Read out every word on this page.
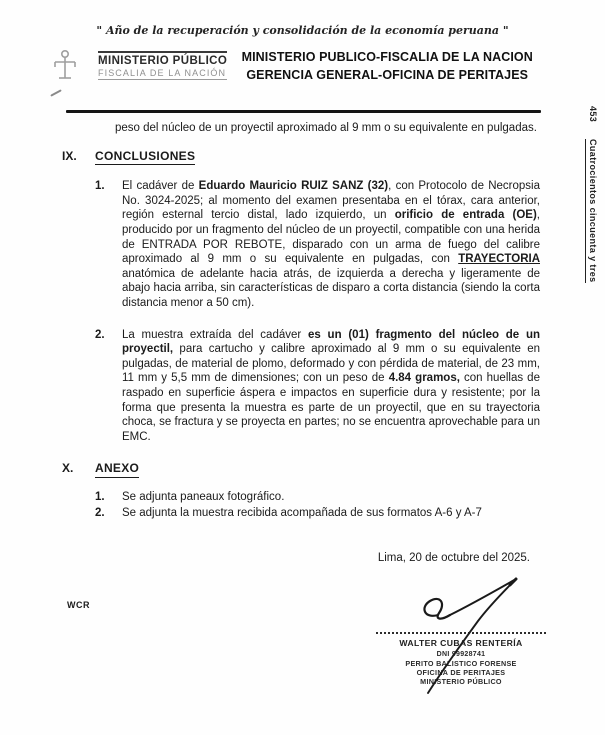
" Año de la recuperación y consolidación de la economía peruana "
MINISTERIO PÚBLICO
FISCALIA DE LA NACIÓN
MINISTERIO PUBLICO-FISCALIA DE LA NACION
GERENCIA GENERAL-OFICINA DE PERITAJES

peso del núcleo de un proyectil aproximado al 9 mm o su equivalente en pulgadas.

IX.	CONCLUSIONES
1.	El cadáver de Eduardo Mauricio RUIZ SANZ (32), con Protocolo de Necropsia No. 3024-2025; al momento del examen presentaba en el tórax, cara anterior, región esternal tercio distal, lado izquierdo, un orificio de entrada (OE), producido por un fragmento del núcleo de un proyectil, compatible con una herida de ENTRADA POR REBOTE, disparado con un arma de fuego del calibre aproximado al 9 mm o su equivalente en pulgadas, con TRAYECTORIA anatómica de adelante hacia atrás, de izquierda a derecha y ligeramente de abajo hacia arriba, sin características de disparo a corta distancia (siendo la corta distancia menor a 50 cm).

2.	La muestra extraída del cadáver es un (01) fragmento del núcleo de un proyectil, para cartucho y calibre aproximado al 9 mm o su equivalente en pulgadas, de material de plomo, deformado y con pérdida de material, de 23 mm, 11 mm y 5,5 mm de dimensiones; con un peso de 4.84 gramos, con huellas de raspado en superficie áspera e impactos en superficie dura y resistente; por la forma que presenta la muestra es parte de un proyectil, que en su trayectoria choca, se fractura y se proyecta en partes; no se encuentra aprovechable para un EMC.

X.	ANEXO
1.	Se adjunta paneaux fotográfico.

2.	Se adjunta la muestra recibida acompañada de sus formatos A-6 y A-7

Lima, 20 de octubre del 2025.
WCR
WALTER CUBAS RENTERÍA
DNI 99928741
PERITO BALISTICO FORENSE
OFICINA DE PERITAJES
MINISTERIO PÚBLICO
453 Cuatrocientos cincuenta y tres
